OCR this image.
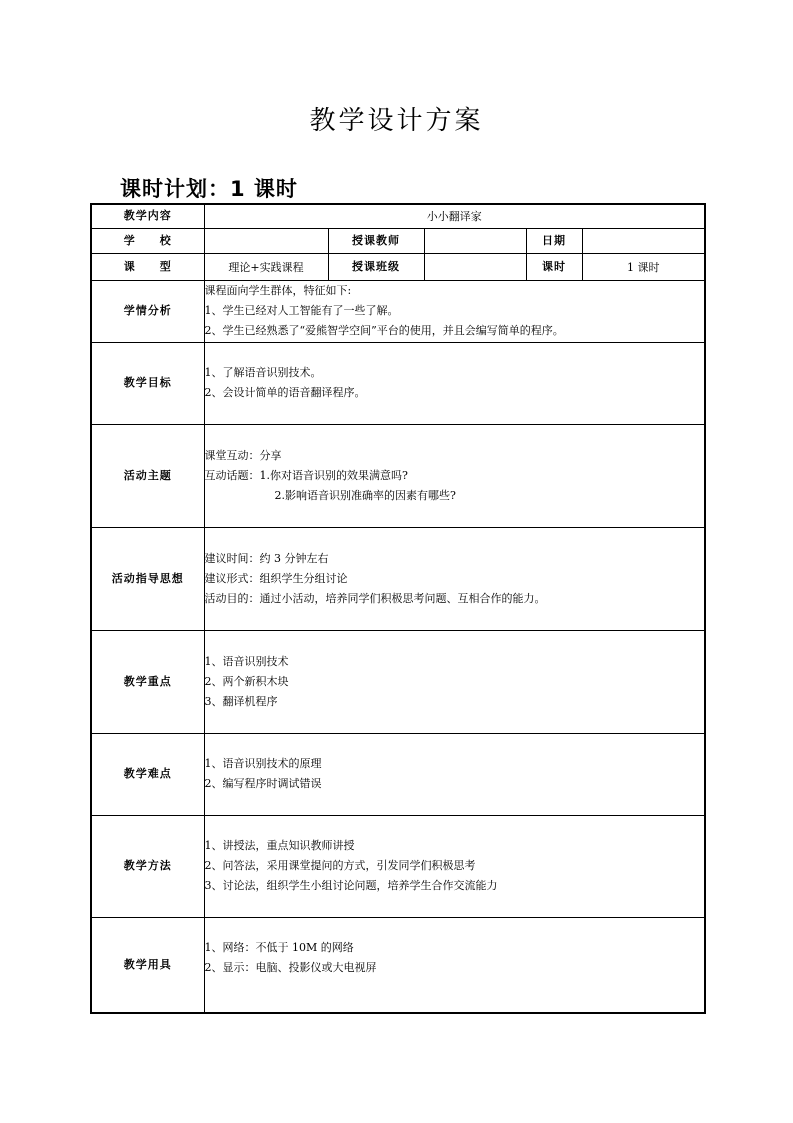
教学设计方案
课时计划：1 课时
教学内容	小小翻译家				
学　　校		授课教师		日期	
课　　型	理论+实践课程	授课班级		课时	1 课时
学情分析	课程面向学生群体，特征如下:
1、学生已经对人工智能有了一些了解。
2、学生已经熟悉了“爱熊智学空间”平台的使用，并且会编写简单的程序。				

教学目标	1、了解语音识别技术。
2、会设计简单的语音翻译程序。				

活动主题	课堂互动：分享
互动话题：1.你对语音识别的效果满意吗?
2.影响语音识别准确率的因素有哪些?				

活动指导思想	建议时间：约 3 分钟左右
建议形式：组织学生分组讨论
活动目的：通过小活动，培养同学们积极思考问题、互相合作的能力。				

教学重点	1、语音识别技术
2、两个新积木块
3、翻译机程序				

教学难点	1、语音识别技术的原理
2、编写程序时调试错误				

教学方法	1、讲授法，重点知识教师讲授
2、问答法，采用课堂提问的方式，引发同学们积极思考
3、讨论法，组织学生小组讨论问题，培养学生合作交流能力				

教学用具	1、网络：不低于 10M 的网络
2、显示：电脑、投影仪或大电视屏				
